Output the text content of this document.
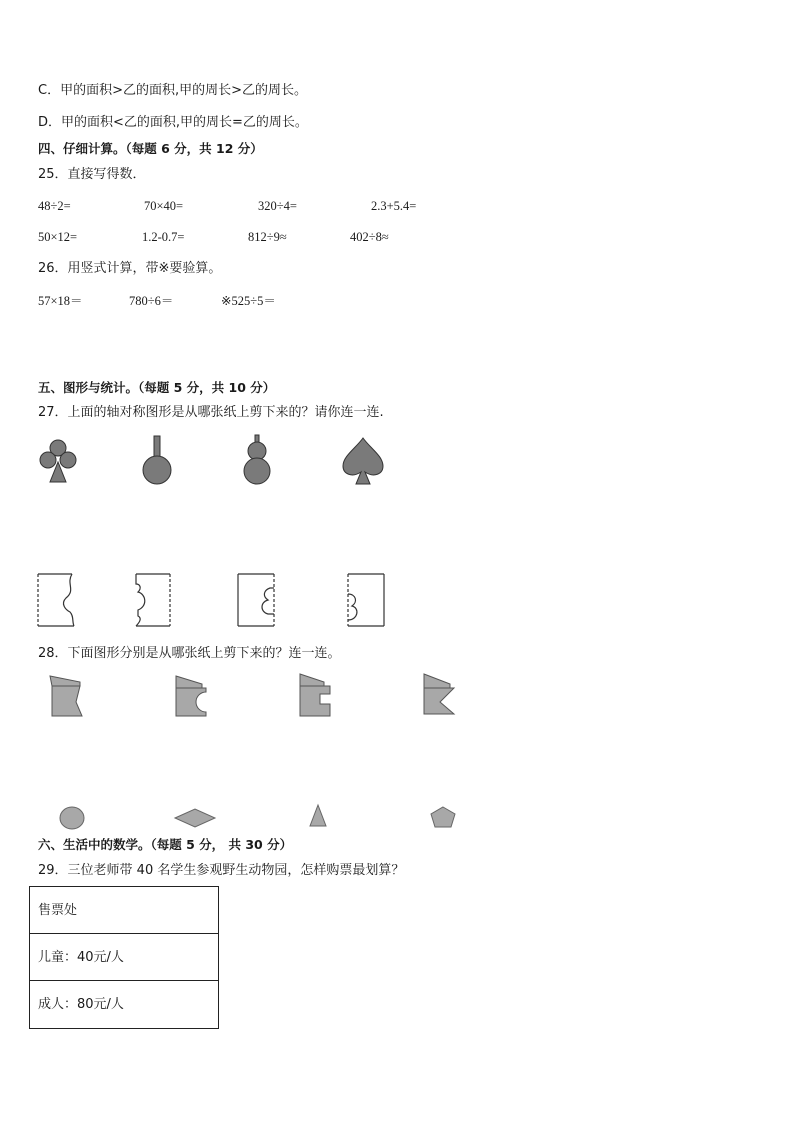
C．甲的面积>乙的面积,甲的周长>乙的周长。
D．甲的面积<乙的面积,甲的周长=乙的周长。
四、仔细计算。（每题 6 分，共 12 分）
25．直接写得数．
48÷2=	70×40=	320÷4=	2.3+5.4=
50×12=	1.2-0.7=	812÷9≈	402÷8≈
26．用竖式计算，带※要验算。
57×18＝	780÷6＝	※525÷5＝
五、图形与统计。（每题 5 分，共 10 分）
27．上面的轴对称图形是从哪张纸上剪下来的？请你连一连.
28．下面图形分别是从哪张纸上剪下来的？连一连。
六、生活中的数学。（每题 5 分， 共 30 分）
29．三位老师带 40 名学生参观野生动物园，怎样购票最划算？
售票处
儿童：40元/人
成人：80元/人
